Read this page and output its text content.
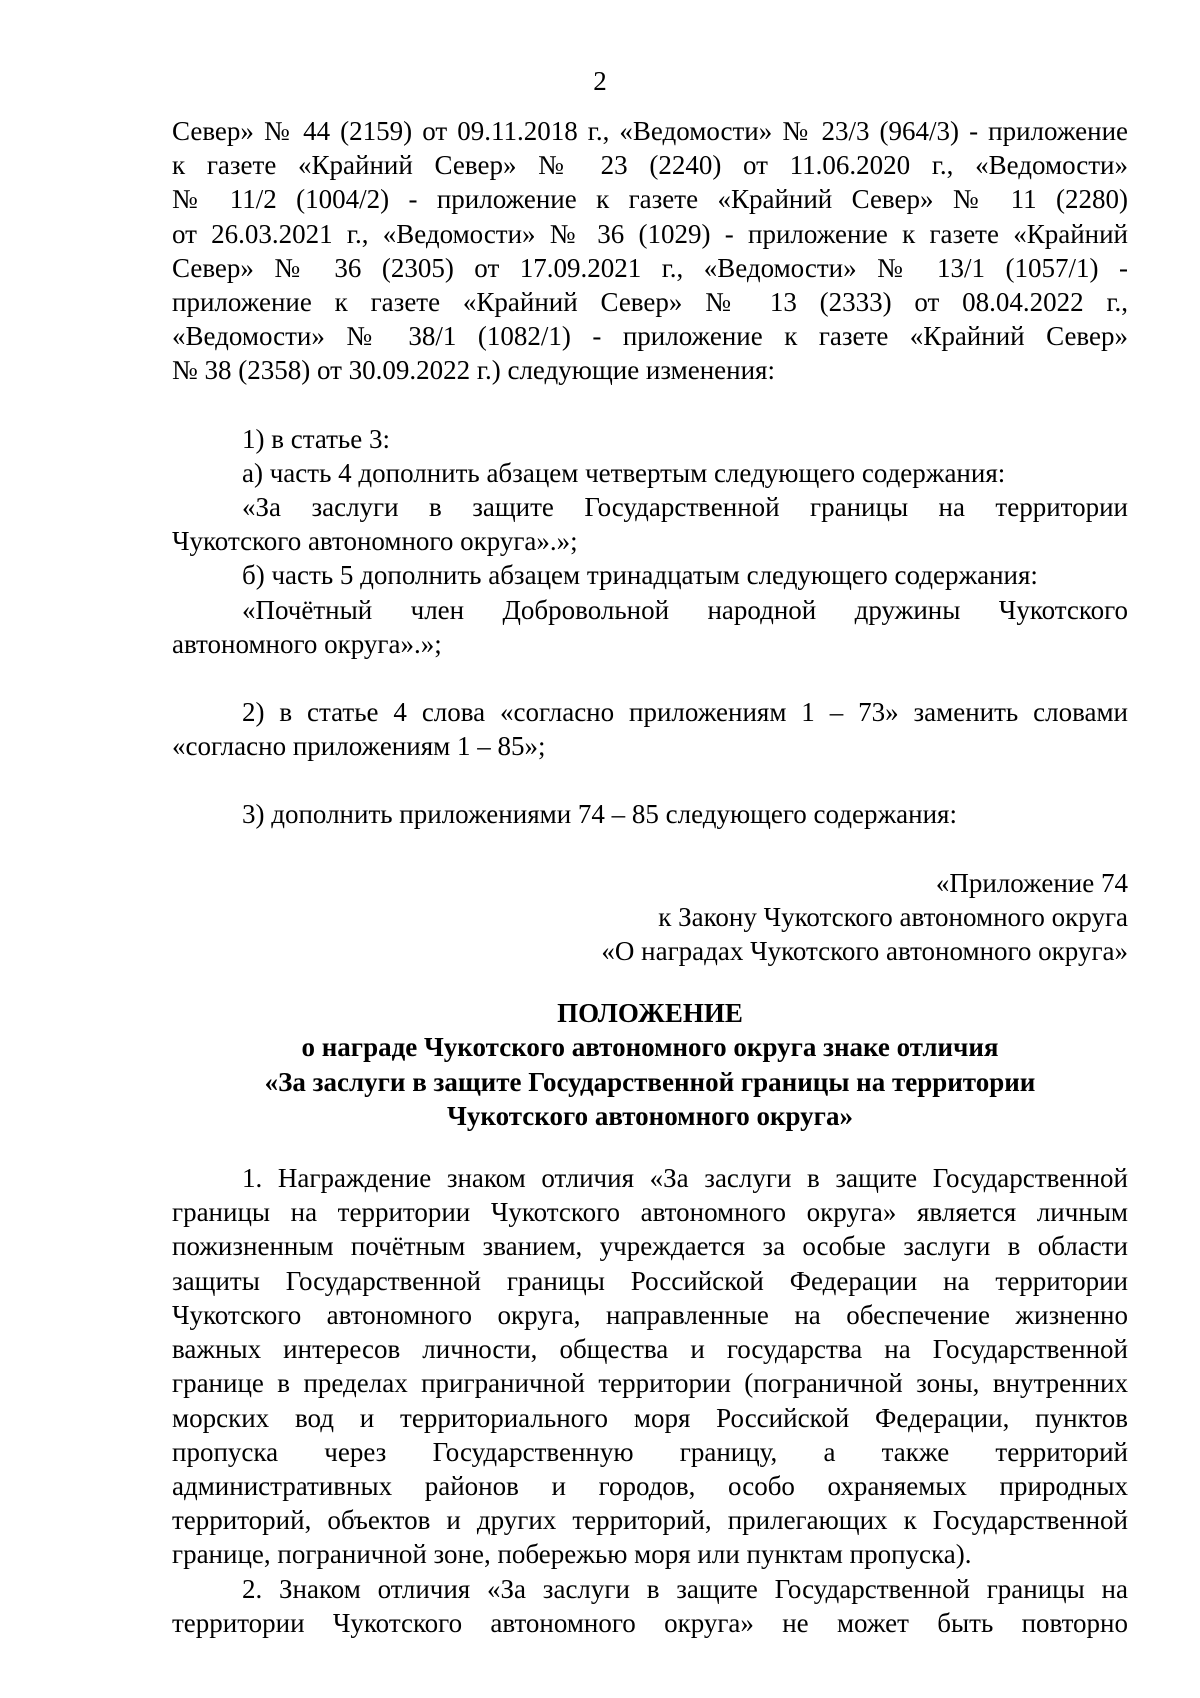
2

Север» № 44 (2159) от 09.11.2018 г., «Ведомости» № 23/3 (964/3) - приложение

к газете «Крайний Север» № 23 (2240) от 11.06.2020 г., «Ведомости»

№ 11/2 (1004/2) - приложение к газете «Крайний Север» № 11 (2280)

от 26.03.2021 г., «Ведомости» № 36 (1029) - приложение к газете «Крайний

Север» № 36 (2305) от 17.09.2021 г., «Ведомости» № 13/1 (1057/1) -

приложение к газете «Крайний Север» № 13 (2333) от 08.04.2022 г.,

«Ведомости» № 38/1 (1082/1) - приложение к газете «Крайний Север»

№ 38 (2358) от 30.09.2022 г.) следующие изменения:

1) в статье 3:

а) часть 4 дополнить абзацем четвертым следующего содержания:

«За заслуги в защите Государственной границы на территории

Чукотского автономного округа».»;

б) часть 5 дополнить абзацем тринадцатым следующего содержания:

«Почётный член Добровольной народной дружины Чукотского

автономного округа».»;

2) в статье 4 слова «согласно приложениям 1 – 73» заменить словами

«согласно приложениям 1 – 85»;

3) дополнить приложениями 74 – 85 следующего содержания:

«Приложение 74

к Закону Чукотского автономного округа

«О наградах Чукотского автономного округа»

ПОЛОЖЕНИЕ

о награде Чукотского автономного округа знаке отличия

«За заслуги в защите Государственной границы на территории

Чукотского автономного округа»

1. Награждение знаком отличия «За заслуги в защите Государственной

границы на территории Чукотского автономного округа» является личным

пожизненным почётным званием, учреждается за особые заслуги в области

защиты Государственной границы Российской Федерации на территории

Чукотского автономного округа, направленные на обеспечение жизненно

важных интересов личности, общества и государства на Государственной

границе в пределах приграничной территории (пограничной зоны, внутренних

морских вод и территориального моря Российской Федерации, пунктов

пропуска через Государственную границу, а также территорий

административных районов и городов, особо охраняемых природных

территорий, объектов и других территорий, прилегающих к Государственной

границе, пограничной зоне, побережью моря или пунктам пропуска).

2. Знаком отличия «За заслуги в защите Государственной границы на

территории Чукотского автономного округа» не может быть повторно
